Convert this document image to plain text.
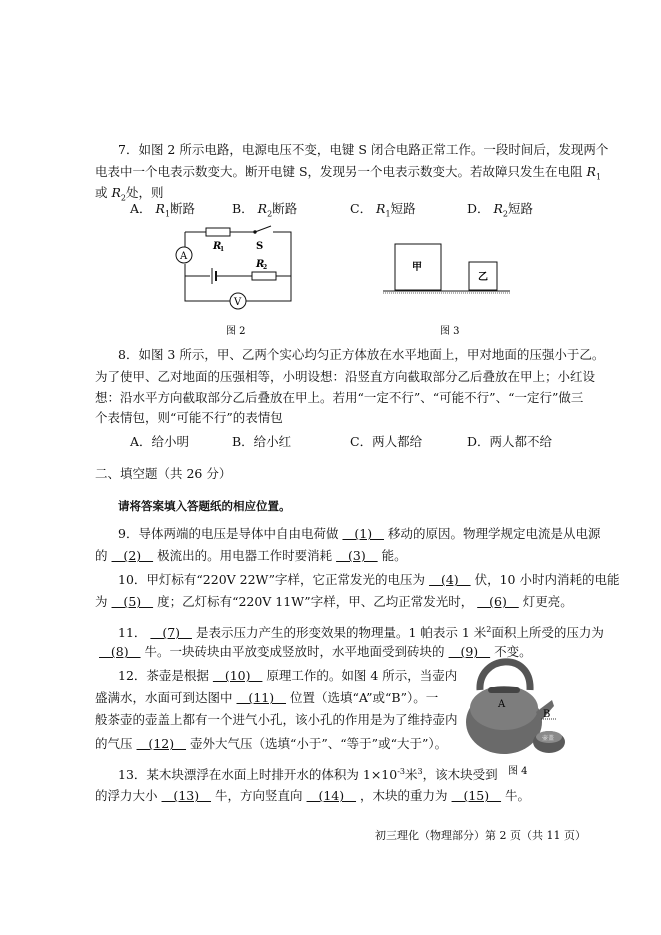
7．如图 2 所示电路，电源电压不变，电键 S 闭合电路正常工作。一段时间后，发现两个
电表中一个电表示数变大。断开电键 S，发现另一个电表示数变大。若故障只发生在电阻 $R_1$
或 $R_2$处，则
A． $R_1$断路	B． $R_2$断路	C． $R_1$短路	D． $R_2$短路
A
V
R
1	S
R
2
图 2
甲
乙
图 3
A
B
壶盖
图 4
8．如图 3 所示，甲、乙两个实心均匀正方体放在水平地面上，甲对地面的压强小于乙。
为了使甲、乙对地面的压强相等，小明设想：沿竖直方向截取部分乙后叠放在甲上；小红设
想：沿水平方向截取部分乙后叠放在甲上。若用“一定不行”、“可能不行”、“一定行”做三
个表情包，则“可能不行”的表情包
A．给小明	B．给小红	C．两人都给	D．两人都不给
二、填空题（共 26 分）
请将答案填入答题纸的相应位置。
9．导体两端的电压是导体中自由电荷做   (1)   移动的原因。物理学规定电流是从电源
的   (2)   极流出的。用电器工作时要消耗   (3)   能。
10．甲灯标有“220V 22W”字样，它正常发光的电压为   (4)   伏，10 小时内消耗的电能
为   (5)   度；乙灯标有“220V 11W”字样，甲、乙均正常发光时，   (6)   灯更亮。
11．   (7)   是表示压力产生的形变效果的物理量。1 帕表示 1 米$^2$面积上所受的压力为
(8)   牛。一块砖块由平放变成竖放时，水平地面受到砖块的   (9)   不变。
12．茶壶是根据   (10)   原理工作的。如图 4 所示，当壶内
盛满水，水面可到达图中   (11)   位置（选填“A”或“B”）。一
般茶壶的壶盖上都有一个进气小孔，该小孔的作用是为了维持壶内
的气压   (12)   壶外大气压（选填“小于”、“等于”或“大于”）。
13．某木块漂浮在水面上时排开水的体积为 $1\times 10^{-3}$米$^3$，该木块受到
的浮力大小   (13)   牛，方向竖直向   (14)   ，木块的重力为   (15)   牛。
初三理化（物理部分）第 2 页（共 11 页）
